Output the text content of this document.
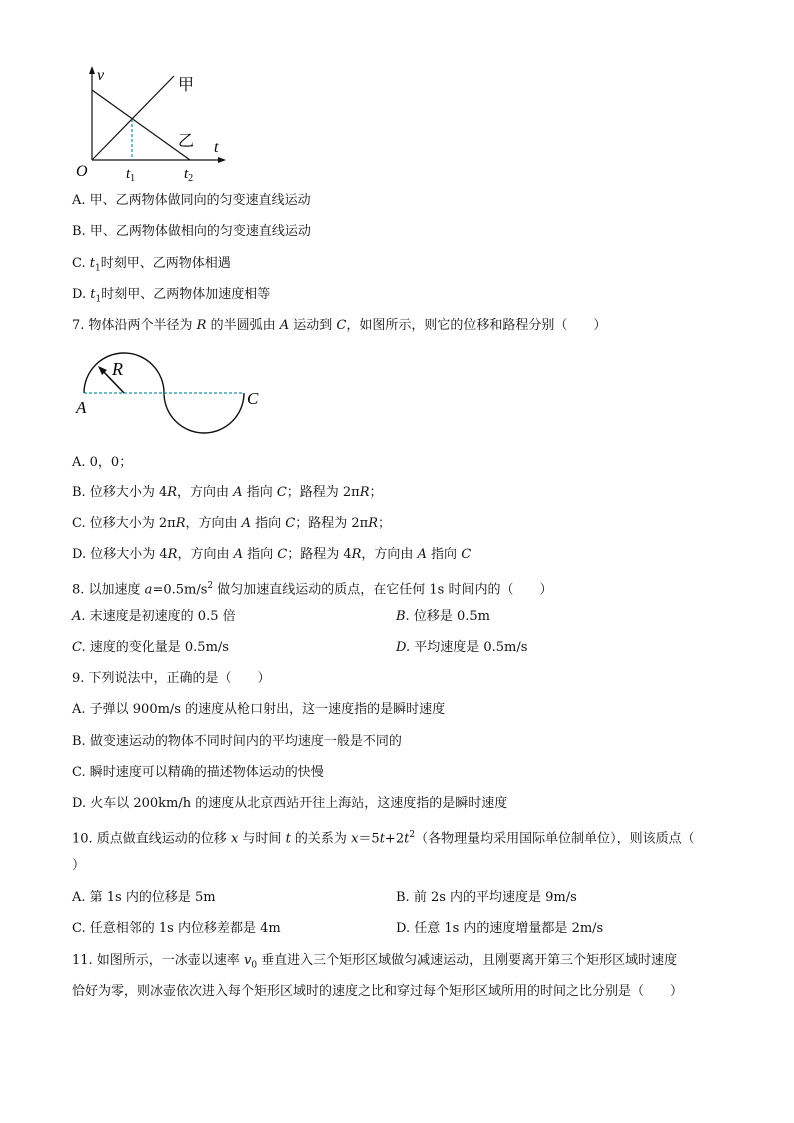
v
t
O
甲
乙
$t_1$	$t_2$
A. 甲、乙两物体做同向的匀变速直线运动
B. 甲、乙两物体做相向的匀变速直线运动
C. $t_1$时刻甲、乙两物体相遇
D. $t_1$时刻甲、乙两物体加速度相等
7. 物体沿两个半径为 R 的半圆弧由 A 运动到 C，如图所示，则它的位移和路程分别（　　）
R
A	C
A. 0，0；
B. 位移大小为 4R，方向由 A 指向 C；路程为 2πR；
C. 位移大小为 2πR，方向由 A 指向 C；路程为 2πR；
D. 位移大小为 4R，方向由 A 指向 C；路程为 4R，方向由 A 指向 C
8. 以加速度 $a=0.5m/s^2$ 做匀加速直线运动的质点，在它任何 1s 时间内的（　　）
A. 末速度是初速度的 0.5 倍	B. 位移是 0.5m
C. 速度的变化量是 0.5m/s	D. 平均速度是 0.5m/s
9. 下列说法中，正确的是（　　）
A. 子弹以 900m/s 的速度从枪口射出，这一速度指的是瞬时速度
B. 做变速运动的物体不同时间内的平均速度一般是不同的
C. 瞬时速度可以精确的描述物体运动的快慢
D. 火车以 200km/h 的速度从北京西站开往上海站，这速度指的是瞬时速度
10. 质点做直线运动的位移 x 与时间 t 的关系为 $x=5t+2t^2$（各物理量均采用国际单位制单位），则该质点（
）
A. 第 1s 内的位移是 5m	B. 前 2s 内的平均速度是 9m/s
C. 任意相邻的 1s 内位移差都是 4m	D. 任意 1s 内的速度增量都是 2m/s
11. 如图所示，一冰壶以速率 $v_0$ 垂直进入三个矩形区域做匀减速运动，且刚要离开第三个矩形区域时速度
恰好为零，则冰壶依次进入每个矩形区域时的速度之比和穿过每个矩形区域所用的时间之比分别是（　　）
